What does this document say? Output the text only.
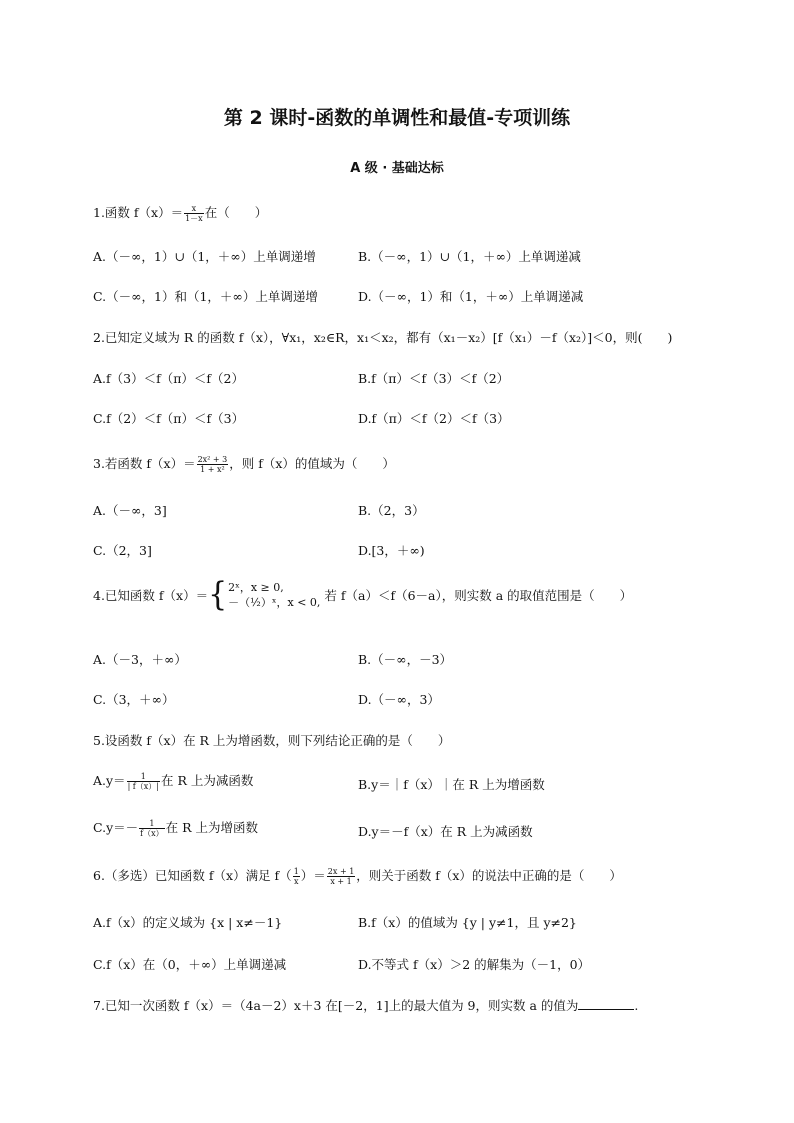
第 2 课时-函数的单调性和最值-专项训练
A 级 · 基础达标
1.函数 $f(x)= \frac{x}{1-x}$ 在（　　）
A.（－∞，1）∪（1，＋∞）上单调递增	B.（－∞，1）∪（1，＋∞）上单调递减
C.（－∞，1）和（1，＋∞）上单调递增	D.（－∞，1）和（1，＋∞）上单调递减
2.已知定义域为 R 的函数 f（x），∀x₁，x₂∈R，x₁＜x₂，都有（x₁－x₂）[f（x₁）－f（x₂）]＜0，则(　　)
A.f（3）＜f（π）＜f（2）	B.f（π）＜f（3）＜f（2）
C.f（2）＜f（π）＜f（3）	D.f（π）＜f（2）＜f（3）
3.若函数 $f(x)= \frac{\text{2x² + 3}}{\text{1 + x²}}$ ，则 f（x）的值域为（　　）
A.（－∞，3]	B.（2，3）
C.（2，3]	D.[3，＋∞)
4.已知函数 f（x）＝{ 2ˣ，x ≥ 0,
－（½）ˣ，x < 0, 若 f（a）＜f（6－a），则实数 a 的取值范围是（　　）
A.（－3，＋∞）	B.（－∞，－3）
C.（3，＋∞）	D.（－∞，3）
5.设函数 f（x）在 R 上为增函数，则下列结论正确的是（　　）
$A.y= \frac{1}{| f(x)|}$ 在 R 上为减函数	B.y＝｜f（x）｜在 R 上为增函数
$C.y=- \frac{1}{f(x)}$ 在 R 上为增函数	D.y＝－f（x）在 R 上为减函数
6.（多选）已知函数 f（x）满足 $f( \frac{1}{x}$ ）＝ $\frac{2x + 1}{x + 1}$ ，则关于函数 f（x）的说法中正确的是（　　）
A.f（x）的定义域为 {x | x≠－1}	B.f（x）的值域为 {y | y≠1，且 y≠2}
C.f（x）在（0，＋∞）上单调递减	D.不等式 f（x）＞2 的解集为（－1，0）
7.已知一次函数 f（x）＝（4a－2）x＋3 在[－2，1]上的最大值为 9，则实数 a 的值为	.
